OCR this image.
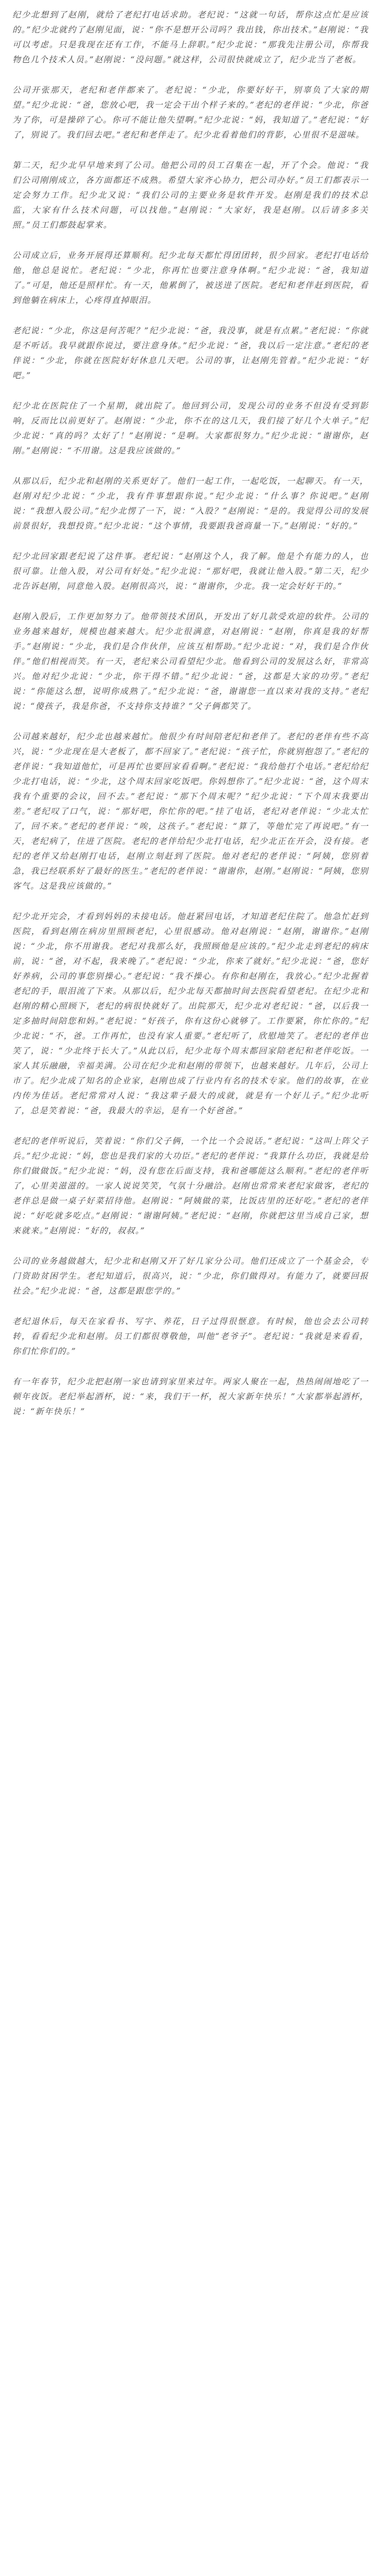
纪少北想到了赵刚，就给了老纪打电话求助。老纪说：“这就一句话，帮你这点忙是应该的。”纪少北就约了赵刚见面，说：“你不是想开公司吗？我出钱，你出技术。”赵刚说：“我可以考虑。只是我现在还有工作，不能马上辞职。”纪少北说：“那我先注册公司，你帮我物色几个技术人员。”赵刚说：“没问题。”就这样，公司很快就成立了，纪少北当了老板。

公司开张那天，老纪和老伴都来了。老纪说：“少北，你要好好干，别辜负了大家的期望。”纪少北说：“爸，您放心吧，我一定会干出个样子来的。”老纪的老伴说：“少北，你爸为了你，可是操碎了心。你可不能让他失望啊。”纪少北说：“妈，我知道了。”老纪说：“好了，别说了。我们回去吧。”老纪和老伴走了。纪少北看着他们的背影，心里很不是滋味。

第二天，纪少北早早地来到了公司。他把公司的员工召集在一起，开了个会。他说：“我们公司刚刚成立，各方面都还不成熟。希望大家齐心协力，把公司办好。”员工们都表示一定会努力工作。纪少北又说：“我们公司的主要业务是软件开发。赵刚是我们的技术总监，大家有什么技术问题，可以找他。”赵刚说：“大家好，我是赵刚。以后请多多关照。”员工们都鼓起掌来。

公司成立后，业务开展得还算顺利。纪少北每天都忙得团团转，很少回家。老纪打电话给他，他总是说忙。老纪说：“少北，你再忙也要注意身体啊。”纪少北说：“爸，我知道了。”可是，他还是照样忙。有一天，他累倒了，被送进了医院。老纪和老伴赶到医院，看到他躺在病床上，心疼得直掉眼泪。

老纪说：“少北，你这是何苦呢？”纪少北说：“爸，我没事，就是有点累。”老纪说：“你就是不听话。我早就跟你说过，要注意身体。”纪少北说：“爸，我以后一定注意。”老纪的老伴说：“少北，你就在医院好好休息几天吧。公司的事，让赵刚先管着。”纪少北说：“好吧。”

纪少北在医院住了一个星期，就出院了。他回到公司，发现公司的业务不但没有受到影响，反而比以前更好了。赵刚说：“少北，你不在的这几天，我们接了好几个大单子。”纪少北说：“真的吗？太好了！”赵刚说：“是啊。大家都很努力。”纪少北说：“谢谢你，赵刚。”赵刚说：“不用谢。这是我应该做的。”

从那以后，纪少北和赵刚的关系更好了。他们一起工作，一起吃饭，一起聊天。有一天，赵刚对纪少北说：“少北，我有件事想跟你说。”纪少北说：“什么事？你说吧。”赵刚说：“我想入股公司。”纪少北愣了一下，说：“入股？”赵刚说：“是的。我觉得公司的发展前景很好，我想投资。”纪少北说：“这个事情，我要跟我爸商量一下。”赵刚说：“好的。”

纪少北回家跟老纪说了这件事。老纪说：“赵刚这个人，我了解。他是个有能力的人，也很可靠。让他入股，对公司有好处。”纪少北说：“那好吧，我就让他入股。”第二天，纪少北告诉赵刚，同意他入股。赵刚很高兴，说：“谢谢你，少北。我一定会好好干的。”

赵刚入股后，工作更加努力了。他带领技术团队，开发出了好几款受欢迎的软件。公司的业务越来越好，规模也越来越大。纪少北很满意，对赵刚说：“赵刚，你真是我的好帮手。”赵刚说：“少北，我们是合作伙伴，应该互相帮助。”纪少北说：“对，我们是合作伙伴。”他们相视而笑。有一天，老纪来公司看望纪少北。他看到公司的发展这么好，非常高兴。他对纪少北说：“少北，你干得不错。”纪少北说：“爸，这都是大家的功劳。”老纪说：“你能这么想，说明你成熟了。”纪少北说：“爸，谢谢您一直以来对我的支持。”老纪说：“傻孩子，我是你爸，不支持你支持谁？”父子俩都笑了。

公司越来越好，纪少北也越来越忙。他很少有时间陪老纪和老伴了。老纪的老伴有些不高兴，说：“少北现在是大老板了，都不回家了。”老纪说：“孩子忙，你就别抱怨了。”老纪的老伴说：“我知道他忙，可是再忙也要回家看看啊。”老纪说：“我给他打个电话。”老纪给纪少北打电话，说：“少北，这个周末回家吃饭吧。你妈想你了。”纪少北说：“爸，这个周末我有个重要的会议，回不去。”老纪说：“那下个周末呢？”纪少北说：“下个周末我要出差。”老纪叹了口气，说：“那好吧，你忙你的吧。”挂了电话，老纪对老伴说：“少北太忙了，回不来。”老纪的老伴说：“唉，这孩子。”老纪说：“算了，等他忙完了再说吧。”有一天，老纪病了，住进了医院。老纪的老伴给纪少北打电话，纪少北正在开会，没有接。老纪的老伴又给赵刚打电话，赵刚立刻赶到了医院。他对老纪的老伴说：“阿姨，您别着急，我已经联系好了最好的医生。”老纪的老伴说：“谢谢你，赵刚。”赵刚说：“阿姨，您别客气。这是我应该做的。”

纪少北开完会，才看到妈妈的未接电话。他赶紧回电话，才知道老纪住院了。他急忙赶到医院，看到赵刚在病房里照顾老纪，心里很感动。他对赵刚说：“赵刚，谢谢你。”赵刚说：“少北，你不用谢我。老纪对我那么好，我照顾他是应该的。”纪少北走到老纪的病床前，说：“爸，对不起，我来晚了。”老纪说：“少北，你来了就好。”纪少北说：“爸，您好好养病，公司的事您别操心。”老纪说：“我不操心。有你和赵刚在，我放心。”纪少北握着老纪的手，眼泪流了下来。从那以后，纪少北每天都抽时间去医院看望老纪。在纪少北和赵刚的精心照顾下，老纪的病很快就好了。出院那天，纪少北对老纪说：“爸，以后我一定多抽时间陪您和妈。”老纪说：“好孩子，你有这份心就够了。工作要紧，你忙你的。”纪少北说：“不，爸。工作再忙，也没有家人重要。”老纪听了，欣慰地笑了。老纪的老伴也笑了，说：“少北终于长大了。”从此以后，纪少北每个周末都回家陪老纪和老伴吃饭。一家人其乐融融，幸福美满。公司在纪少北和赵刚的带领下，也越来越好。几年后，公司上市了。纪少北成了知名的企业家，赵刚也成了行业内有名的技术专家。他们的故事，在业内传为佳话。老纪常常对人说：“我这辈子最大的成就，就是有一个好儿子。”纪少北听了，总是笑着说：“爸，我最大的幸运，是有一个好爸爸。”

老纪的老伴听说后，笑着说：“你们父子俩，一个比一个会说话。”老纪说：“这叫上阵父子兵。”纪少北说：“妈，您也是我们家的大功臣。”老纪的老伴说：“我算什么功臣，我就是给你们做做饭。”纪少北说：“妈，没有您在后面支持，我和爸哪能这么顺利。”老纪的老伴听了，心里美滋滋的。一家人说说笑笑，气氛十分融洽。赵刚也常常来老纪家做客，老纪的老伴总是做一桌子好菜招待他。赵刚说：“阿姨做的菜，比饭店里的还好吃。”老纪的老伴说：“好吃就多吃点。”赵刚说：“谢谢阿姨。”老纪说：“赵刚，你就把这里当成自己家，想来就来。”赵刚说：“好的，叔叔。”

公司的业务越做越大，纪少北和赵刚又开了好几家分公司。他们还成立了一个基金会，专门资助贫困学生。老纪知道后，很高兴，说：“少北，你们做得对。有能力了，就要回报社会。”纪少北说：“爸，这都是跟您学的。”

老纪退休后，每天在家看书、写字、养花，日子过得很惬意。有时候，他也会去公司转转，看看纪少北和赵刚。员工们都很尊敬他，叫他“老爷子”。老纪说：“我就是来看看，你们忙你们的。”

有一年春节，纪少北把赵刚一家也请到家里来过年。两家人聚在一起，热热闹闹地吃了一顿年夜饭。老纪举起酒杯，说：“来，我们干一杯，祝大家新年快乐！”大家都举起酒杯，说：“新年快乐！”
